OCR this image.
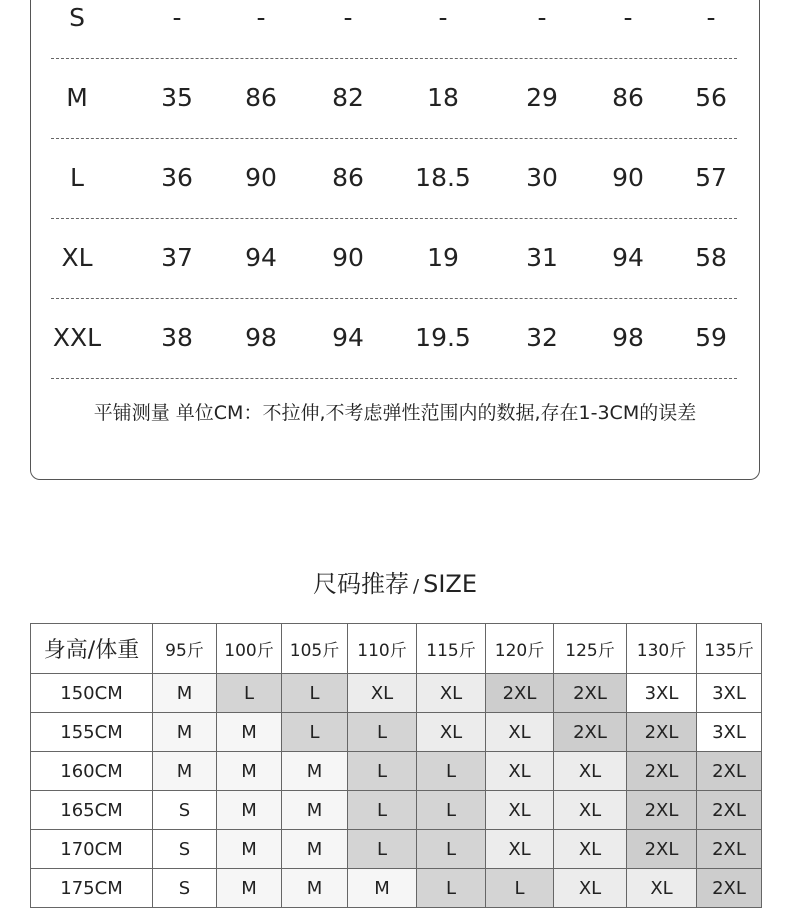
S	-	-	-	-	-	-	-
M	35 86 82	18	29 86 56
L	36 90 86 18.5 30 90 57
XL	37 94 90	19	31 94 58
XXL 38 98 94 19.5 32 98 59
平铺测量 单位CM：不拉伸,不考虑弹性范围内的数据,存在1-3CM的误差
尺码推荐 / SIZE
身高/体重	95斤	100斤	105斤	110斤	115斤	120斤	125斤	130斤	135斤
150CM	M	L	L	XL	XL	2XL	2XL	3XL	3XL
155CM	M	M	L	L	XL	XL	2XL	2XL	3XL
160CM	M	M	M	L	L	XL	XL	2XL	2XL
165CM	S	M	M	L	L	XL	XL	2XL	2XL
170CM	S	M	M	L	L	XL	XL	2XL	2XL
175CM	S	M	M	M	L	L	XL	XL	2XL
